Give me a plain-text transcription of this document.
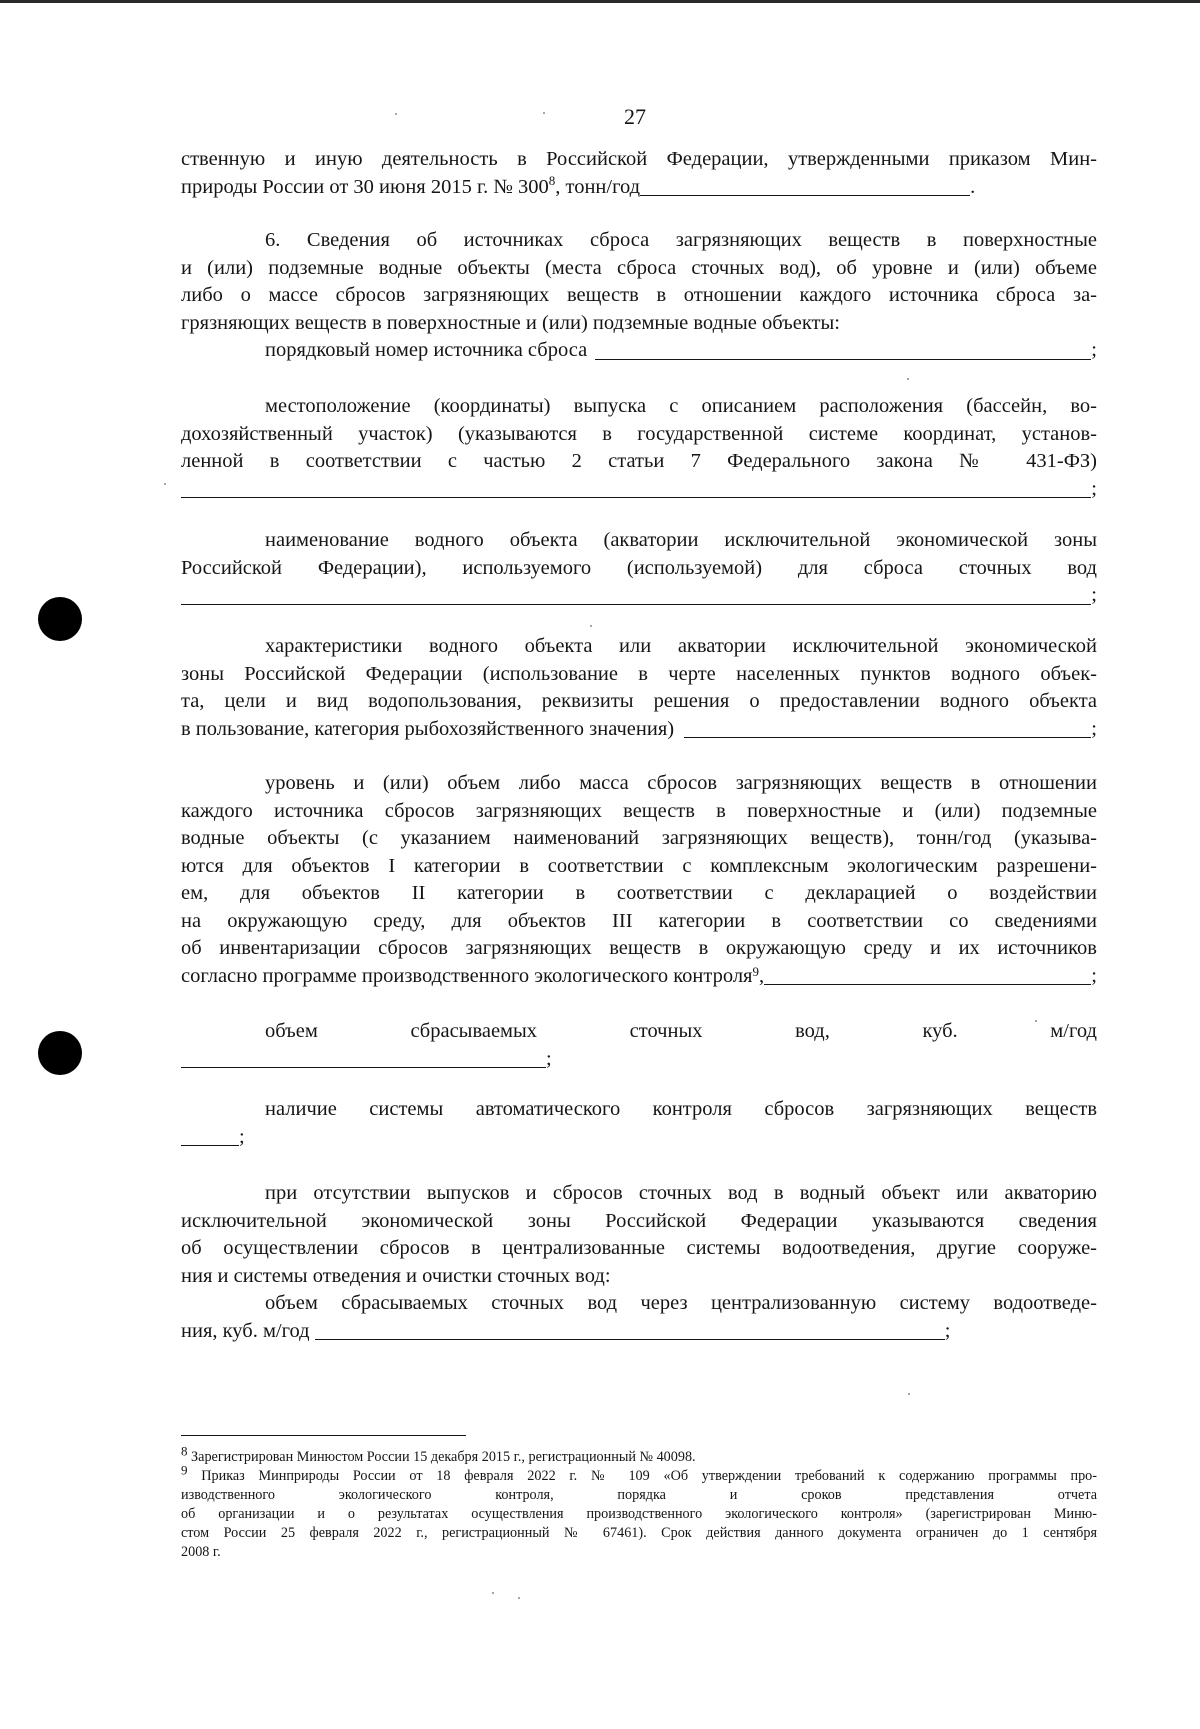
27
ственную и иную деятельность в Российской Федерации, утвержденными приказом Мин-
природы России от 30 июня 2015 г. № $300^8$, тонн/год	.
6. Сведения об источниках сброса загрязняющих веществ в поверхностные
и (или) подземные водные объекты (места сброса сточных вод), об уровне и (или) объеме
либо о массе сбросов загрязняющих веществ в отношении каждого источника сброса за-
грязняющих веществ в поверхностные и (или) подземные водные объекты:
порядковый номер источника сброса	;
местоположение (координаты) выпуска с описанием расположения (бассейн, во-
дохозяйственный участок) (указываются в государственной системе координат, установ-
ленной в соответствии с частью 2 статьи 7 Федерального закона № 431-ФЗ)
;
наименование водного объекта (акватории исключительной экономической зоны
Российской Федерации), используемого (используемой) для сброса сточных вод
;
характеристики водного объекта или акватории исключительной экономической
зоны Российской Федерации (использование в черте населенных пунктов водного объек-
та, цели и вид водопользования, реквизиты решения о предоставлении водного объекта
в пользование, категория рыбохозяйственного значения)	;
уровень и (или) объем либо масса сбросов загрязняющих веществ в отношении
каждого источника сбросов загрязняющих веществ в поверхностные и (или) подземные
водные объекты (с указанием наименований загрязняющих веществ), тонн/год (указыва-
ются для объектов I категории в соответствии с комплексным экологическим разрешени-
ем, для объектов II категории в соответствии с декларацией о воздействии
на окружающую среду, для объектов III категории в соответствии со сведениями
об инвентаризации сбросов загрязняющих веществ в окружающую среду и их источников
согласно программе производственного экологического контроля$^9$ ,	;
объем	сбрасываемых	сточных	вод,	куб.	м/год
;
наличие системы автоматического контроля сбросов загрязняющих веществ
;
при отсутствии выпусков и сбросов сточных вод в водный объект или акваторию
исключительной экономической зоны Российской Федерации указываются сведения
об осуществлении сбросов в централизованные системы водоотведения, другие сооруже-
ния и системы отведения и очистки сточных вод:
объем сбрасываемых сточных вод через централизованную систему водоотведе-
ния, куб. м/год	;

$^8$ Зарегистрирован Минюстом России 15 декабря 2015 г., регистрационный № 40098.

$^9$ Приказ Минприроды России от 18 февраля 2022 г. № 109 «Об утверждении требований к содержанию программы про-

изводственного экологического контроля, порядка и сроков представления отчета

об организации и о результатах осуществления производственного экологического контроля» (зарегистрирован Миню-

стом России 25 февраля 2022 г., регистрационный № 67461). Срок действия данного документа ограничен до 1 сентября

2008 г.
